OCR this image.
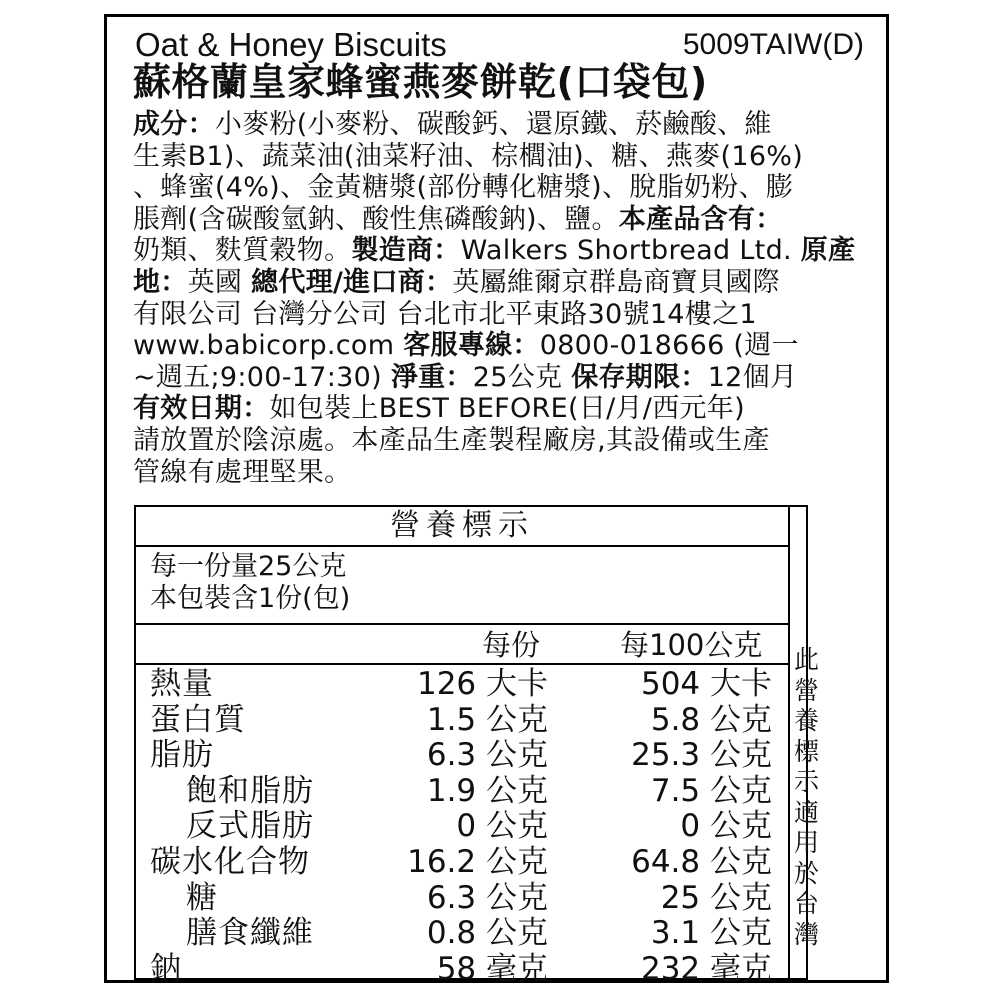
Oat & Honey Biscuits	5009TAIW(D)
蘇格蘭皇家蜂蜜燕麥餅乾(口袋包)
成分：小麥粉(小麥粉、碳酸鈣、還原鐵、菸鹼酸、維
生素B1)、蔬菜油(油菜籽油、棕櫚油)、糖、燕麥(16%)
、蜂蜜(4%)、金黃糖漿(部份轉化糖漿)、脫脂奶粉、膨
脹劑(含碳酸氫鈉、酸性焦磷酸鈉)、鹽。本產品含有：
奶類、麩質穀物。製造商：Walkers Shortbread Ltd. 原產
地：英國 總代理/進口商：英屬維爾京群島商寶貝國際
有限公司 台灣分公司 台北市北平東路30號14樓之1
www.babicorp.com 客服專線：0800-018666 (週一
~週五;9:00-17:30) 淨重：25公克 保存期限：12個月
有效日期：如包裝上BEST BEFORE(日/月/西元年)
請放置於陰涼處。本產品生產製程廠房,其設備或生產
管線有處理堅果。
營養標示
每一份量25公克
本包裝含1份(包)
每份	每100公克
熱量	126 大卡	504 大卡
蛋白質	1.5 公克	5.8 公克
脂肪	6.3 公克	25.3 公克
飽和脂肪	1.9 公克	7.5 公克
反式脂肪	0 公克	0 公克
碳水化合物	16.2 公克	64.8 公克
糖	6.3 公克	25 公克
膳食纖維	0.8 公克	3.1 公克
鈉	58 毫克	232 毫克
此
營
養
標
示
適
用
於
台
灣
